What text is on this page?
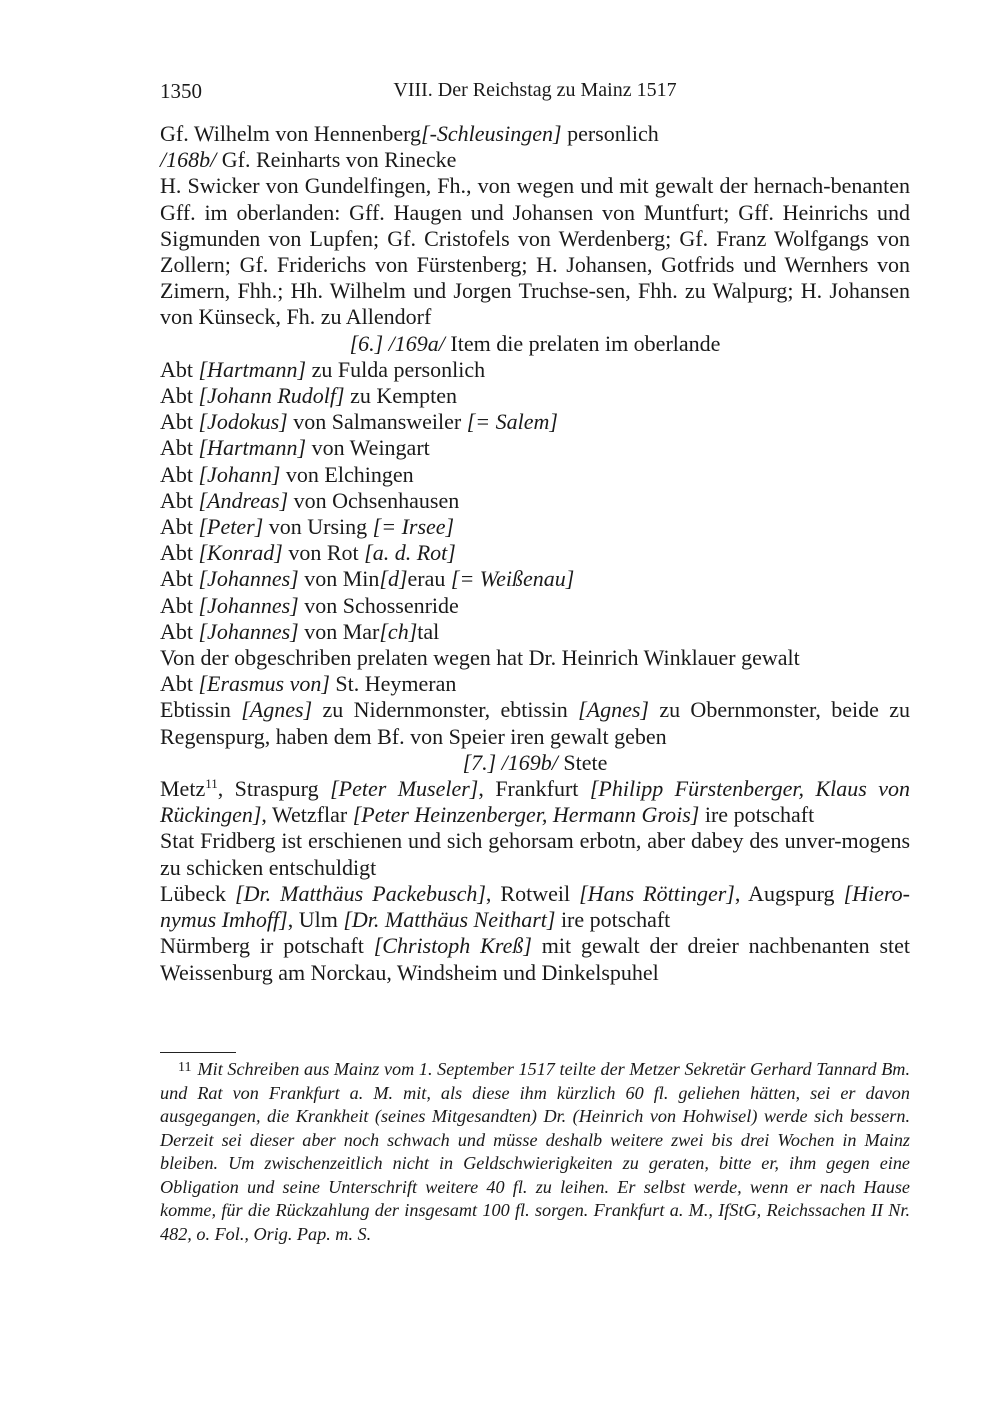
1350	VIII. Der Reichstag zu Mainz 1517

Gf. Wilhelm von Hennenberg[-Schleusingen] personlich

/168b/ Gf. Reinharts von Rinecke

H. Swicker von Gundelfingen, Fh., von wegen und mit gewalt der hernach-benanten Gff. im oberlanden: Gff. Haugen und Johansen von Muntfurt; Gff. Heinrichs und Sigmunden von Lupfen; Gf. Cristofels von Werdenberg; Gf. Franz Wolfgangs von Zollern; Gf. Friderichs von Fürstenberg; H. Johansen, Gotfrids und Wernhers von Zimern, Fhh.; Hh. Wilhelm und Jorgen Truchse-sen, Fhh. zu Walpurg; H. Johansen von Künseck, Fh. zu Allendorf

[6.] /169a/ Item die prelaten im oberlande

Abt [Hartmann] zu Fulda personlich

Abt [Johann Rudolf] zu Kempten

Abt [Jodokus] von Salmansweiler [= Salem]

Abt [Hartmann] von Weingart

Abt [Johann] von Elchingen

Abt [Andreas] von Ochsenhausen

Abt [Peter] von Ursing [= Irsee]

Abt [Konrad] von Rot [a. d. Rot]

Abt [Johannes] von Min[d]erau [= Weißenau]

Abt [Johannes] von Schossenride

Abt [Johannes] von Mar[ch]tal

Von der obgeschriben prelaten wegen hat Dr. Heinrich Winklauer gewalt

Abt [Erasmus von] St. Heymeran

Ebtissin [Agnes] zu Nidernmonster, ebtissin [Agnes] zu Obernmonster, beide zu Regenspurg, haben dem Bf. von Speier iren gewalt geben

[7.] /169b/ Stete

Metz$^{11}$, Straspurg [Peter Museler], Frankfurt [Philipp Fürstenberger, Klaus von Rückingen], Wetzflar [Peter Heinzenberger, Hermann Grois] ire potschaft

Stat Fridberg ist erschienen und sich gehorsam erbotn, aber dabey des unver-mogens zu schicken entschuldigt

Lübeck [Dr. Matthäus Packebusch], Rotweil [Hans Röttinger], Augspurg [Hiero-nymus Imhoff], Ulm [Dr. Matthäus Neithart] ire potschaft

Nürmberg ir potschaft [Christoph Kreß] mit gewalt der dreier nachbenanten stet Weissenburg am Norckau, Windsheim und Dinkelspuhel

$^{11}$ Mit Schreiben aus Mainz vom 1. September 1517 teilte der Metzer Sekretär Gerhard Tannard Bm. und Rat von Frankfurt a. M. mit, als diese ihm kürzlich 60 fl. geliehen hätten, sei er davon ausgegangen, die Krankheit (seines Mitgesandten) Dr. (Heinrich von Hohwisel) werde sich bessern. Derzeit sei dieser aber noch schwach und müsse deshalb weitere zwei bis drei Wochen in Mainz bleiben. Um zwischenzeitlich nicht in Geldschwierigkeiten zu geraten, bitte er, ihm gegen eine Obligation und seine Unterschrift weitere 40 fl. zu leihen. Er selbst werde, wenn er nach Hause komme, für die Rückzahlung der insgesamt 100 fl. sorgen. Frankfurt a. M., IfStG, Reichssachen II Nr. 482, o. Fol., Orig. Pap. m. S.
